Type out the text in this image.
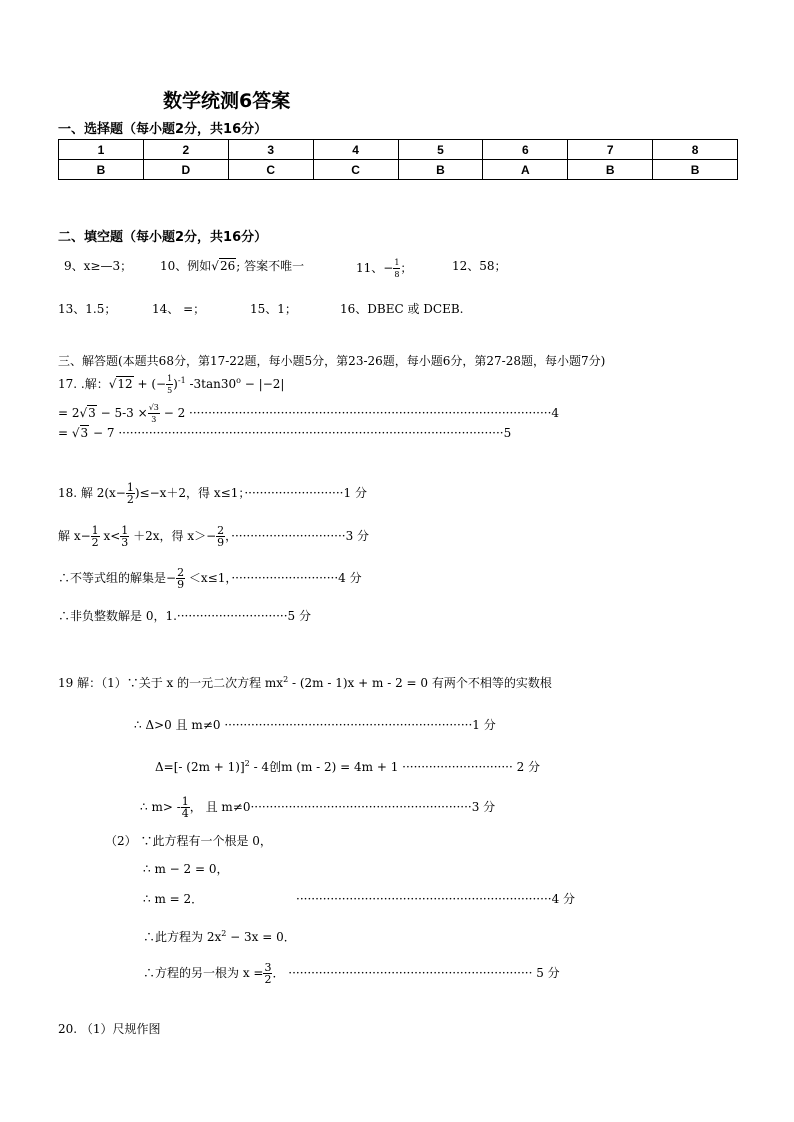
数学统测6答案
一、选择题（每小题2分，共16分）
1	2	3	4	5	6	7	8
B	D	C	C	B	A	B	B
二、填空题（每小题2分，共16分）
9、x≥—3； 10、例如√26; 答案不唯一	11、− $\frac{1}{8}$ ；	12、58；
13、1.5；	14、 =；	15、1；	16、DBEC 或 DCEB.
三、解答题(本题共68分，第17-22题，每小题5分，第23-26题，每小题6分，第27-28题，每小题7分)
17. .解：√12 + (− $\frac{1}{5} )^{-1}$ $-3\tan 30^o - |-2|$
= $2√3 - 5-3 \times \frac{√3}{3} - 2 \cdot\cdot\cdot\cdot\cdot\cdot\cdot\cdot\cdot\cdot\cdot\cdot\cdot\cdot\cdot\cdot\cdot\cdot\cdot\cdot\cdot\cdot\cdot\cdot\cdot\cdot\cdot\cdot\cdot\cdot\cdot\cdot\cdot\cdot\cdot\cdot\cdot\cdot\cdot\cdot\cdot\cdot\cdot\cdot\cdot\cdot\cdot\cdot\cdot\cdot\cdot\cdot\cdot\cdot\cdot\cdot\cdot\cdot\cdot\cdot\cdot\cdot\cdot\cdot\cdot\cdot\cdot\cdot\cdot\cdot\cdot\cdot\cdot\cdot\cdot\cdot\cdot\cdot\cdot\cdot\cdot\cdot\cdot\cdot\cdot\cdot\cdot\cdot\cdot\cdot\cdot\cdot\cdot\cdot\cdot 4$
= √3 − 7 ·····································································································5
18. 解 $2(x- \frac{1}{2} )\le-x+2$，得 x≤1；··························1 分
解 $x- \frac{1}{2} x< \frac{1}{3} +2x$，得 $x>- \frac{2}{9}$ ，······························3 分
∴不等式组的解集是− $\frac{2}{9} <x\le 1$，····························4 分
∴非负整数解是 0，1.·····························5 分
19 解：（1）∵关于 x 的一元二次方程 $mx^2 - (2m - 1)x + m - 2 = 0$ 有两个不相等的实数根
∴ Δ>0 且 m≠0 ·································································1 分
Δ=[- (2m + 1)]$^2$ - 4创m (m - 2) = 4m + 1 ····························· 2 分
∴ $m> - \frac{1}{4}$ ， 且 m≠0··························································3 分
（2） ∵此方程有一个根是 0，
∴ m − 2 = 0，
∴ m = 2．	···································································4 分
∴此方程为 $2x^2 - 3x = 0$．
∴方程的另一根为 $x = \frac{3}{2}$ ． ································································ 5 分
20. （1）尺规作图
